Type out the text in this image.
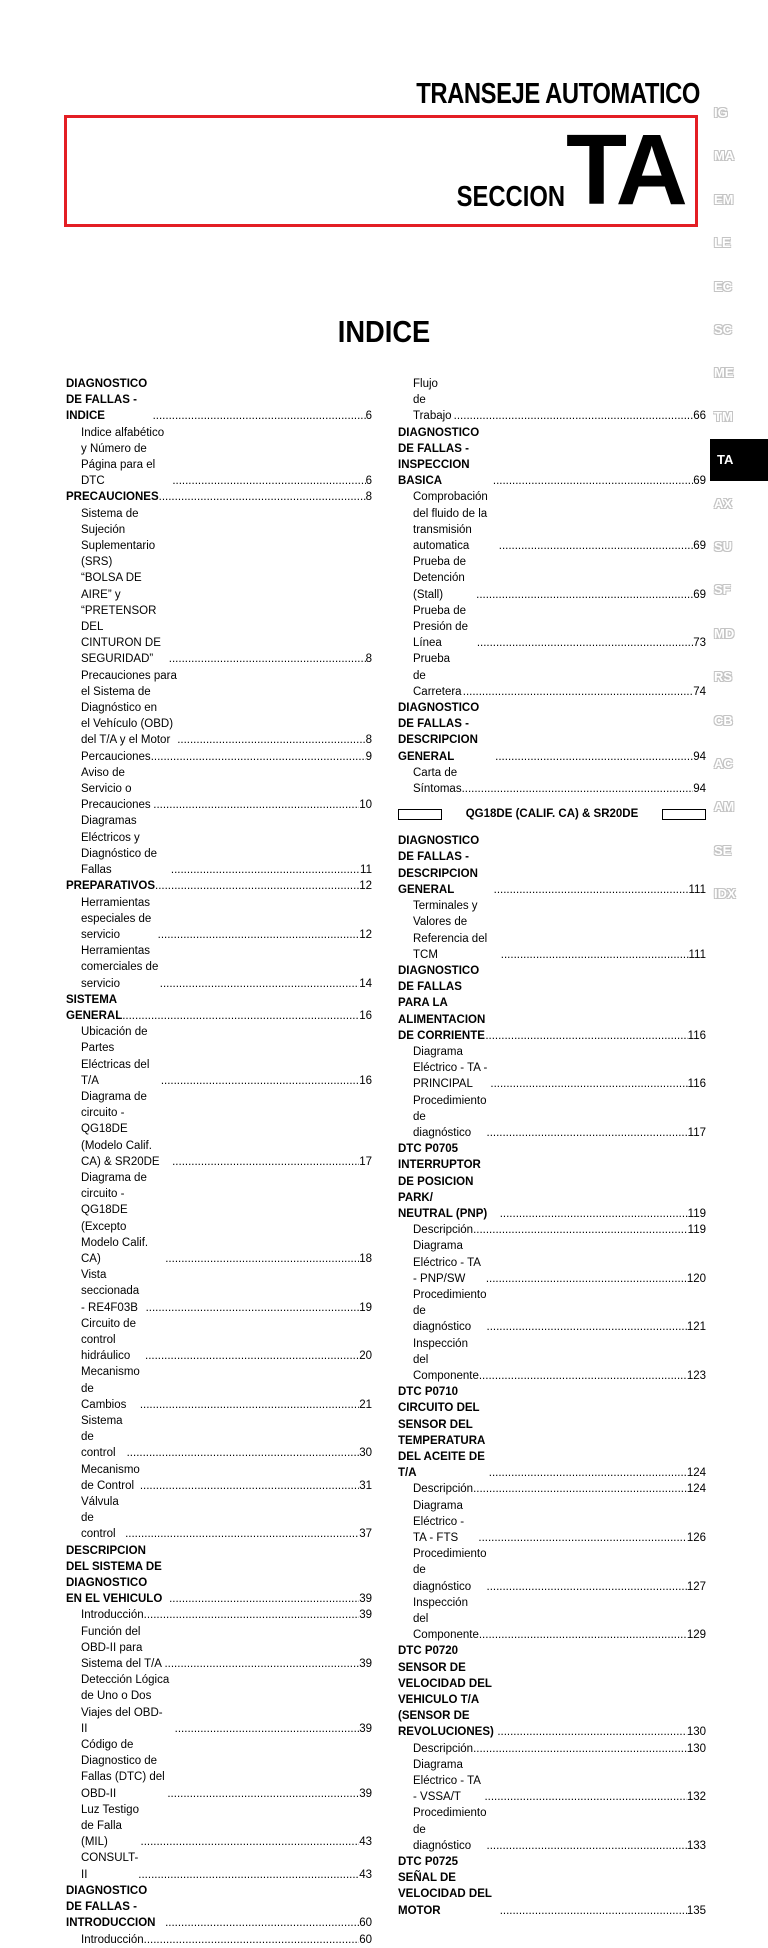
TRANSEJE AUTOMATICO
SECCION TA
INDICE
IG
MA
EM
LE
EC
SC
ME
TM
TA
AX
SU
SF
MD
RS
CB
AC
AM
SE
IDX
DIAGNOSTICO DE FALLAS - INDICE .....	6
Indice alfabético y Número de Página para el
DTC .....	6
PRECAUCIONES .....	8
Sistema de Sujeción Suplementario (SRS)
“BOLSA DE AIRE” y “PRETENSOR DEL
CINTURON DE SEGURIDAD” .....	8
Precauciones para el Sistema de Diagnóstico en
el Vehículo (OBD) del T/A y el Motor .....	8
Percauciones .....	9
Aviso de Servicio o Precauciones .....	10
Diagramas Eléctricos y Diagnóstico de Fallas .....	11
PREPARATIVOS .....	12
Herramientas especiales de servicio .....	12
Herramientas comerciales de servicio .....	14
SISTEMA GENERAL .....	16
Ubicación de Partes Eléctricas del T/A .....	16
Diagrama de circuito - QG18DE (Modelo Calif.
CA) & SR20DE .....	17
Diagrama de circuito - QG18DE (Excepto
Modelo Calif. CA) .....	18
Vista seccionada - RE4F03B .....	19
Circuito de control hidráulico .....	20
Mecanismo de Cambios .....	21
Sistema de control .....	30
Mecanismo de Control .....	31
Válvula de control .....	37
DESCRIPCION DEL SISTEMA DE DIAGNOSTICO
EN EL VEHICULO .....	39
Introducción .....	39
Función del OBD-II para Sistema del T/A .....	39
Detección Lógica de Uno o Dos Viajes del OBD-
II .....	39
Código de Diagnostico de Fallas (DTC) del
OBD-II .....	39
Luz Testigo de Falla (MIL) .....	43
CONSULT-II .....	43
DIAGNOSTICO DE FALLAS - INTRODUCCION .....	60
Introducción .....	60
Flujo de Trabajo .....	66
DIAGNOSTICO DE FALLAS - INSPECCION
BASICA .....	69
Comprobación del fluido de la transmisión
automatica .....	69
Prueba de Detención (Stall) .....	69
Prueba de Presión de Línea .....	73
Prueba de Carretera .....	74
DIAGNOSTICO DE FALLAS - DESCRIPCION
GENERAL .....	94
Carta de Síntomas .....	94
QG18DE (CALIF. CA) & SR20DE
DIAGNOSTICO DE FALLAS - DESCRIPCION
GENERAL .....	111
Terminales y Valores de Referencia del TCM .....	111
DIAGNOSTICO DE FALLAS PARA LA
ALIMENTACION DE CORRIENTE .....	116
Diagrama Eléctrico - TA - PRINCIPAL .....	116
Procedimiento de diagnóstico .....	117
DTC P0705 INTERRUPTOR DE POSICION PARK/
NEUTRAL (PNP) .....	119
Descripción .....	119
Diagrama Eléctrico - TA - PNP/SW .....	120
Procedimiento de diagnóstico .....	121
Inspección del Componente .....	123
DTC P0710 CIRCUITO DEL SENSOR DEL
TEMPERATURA DEL ACEITE DE T/A .....	124
Descripción .....	124
Diagrama Eléctrico - TA - FTS .....	126
Procedimiento de diagnóstico .....	127
Inspección del Componente .....	129
DTC P0720 SENSOR DE VELOCIDAD DEL
VEHICULO T/A (SENSOR DE REVOLUCIONES) .....	130
Descripción .....	130
Diagrama Eléctrico - TA - VSSA/T .....	132
Procedimiento de diagnóstico .....	133
DTC P0725 SEÑAL DE VELOCIDAD DEL MOTOR .....	135
